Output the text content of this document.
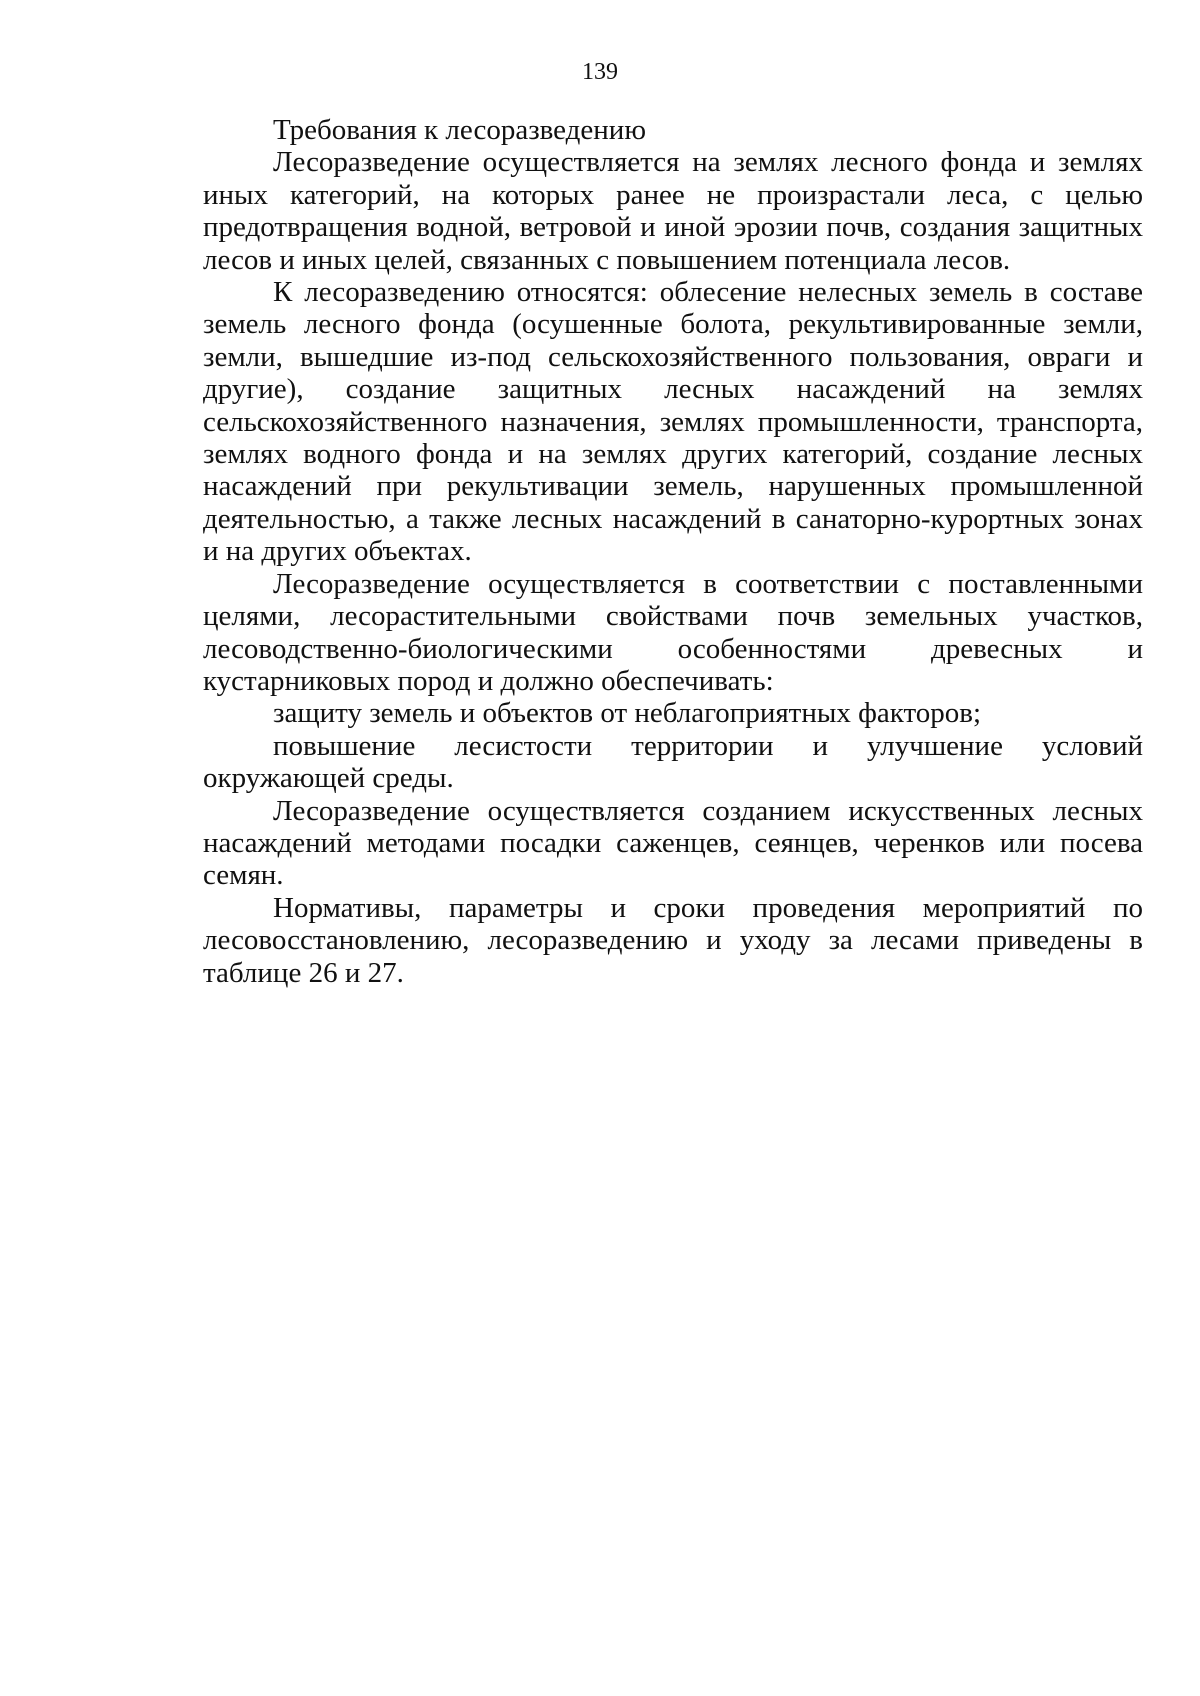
139

Требования к лесоразведению

Лесоразведение осуществляется на землях лесного фонда и землях иных категорий, на которых ранее не произрастали леса, с целью предотвращения водной, ветровой и иной эрозии почв, создания защитных лесов и иных целей, связанных с повышением потенциала лесов.

К лесоразведению относятся: облесение нелесных земель в составе земель лесного фонда (осушенные болота, рекультивированные земли, земли, вышедшие из-под сельскохозяйственного пользования, овраги и другие), создание защитных лесных насаждений на землях сельскохозяйственного назначения, землях промышленности, транспорта, землях водного фонда и на землях других категорий, создание лесных насаждений при рекультивации земель, нарушенных промышленной деятельностью, а также лесных насаждений в санаторно-курортных зонах и на других объектах.

Лесоразведение осуществляется в соответствии с поставленными целями, лесорастительными свойствами почв земельных участков, лесоводственно-биологическими особенностями древесных и кустарниковых пород и должно обеспечивать:

защиту земель и объектов от неблагоприятных факторов;

повышение лесистости территории и улучшение условий окружающей среды.

Лесоразведение осуществляется созданием искусственных лесных насаждений методами посадки саженцев, сеянцев, черенков или посева семян.

Нормативы, параметры и сроки проведения мероприятий по лесовосстановлению, лесоразведению и уходу за лесами приведены в таблице 26 и 27.
